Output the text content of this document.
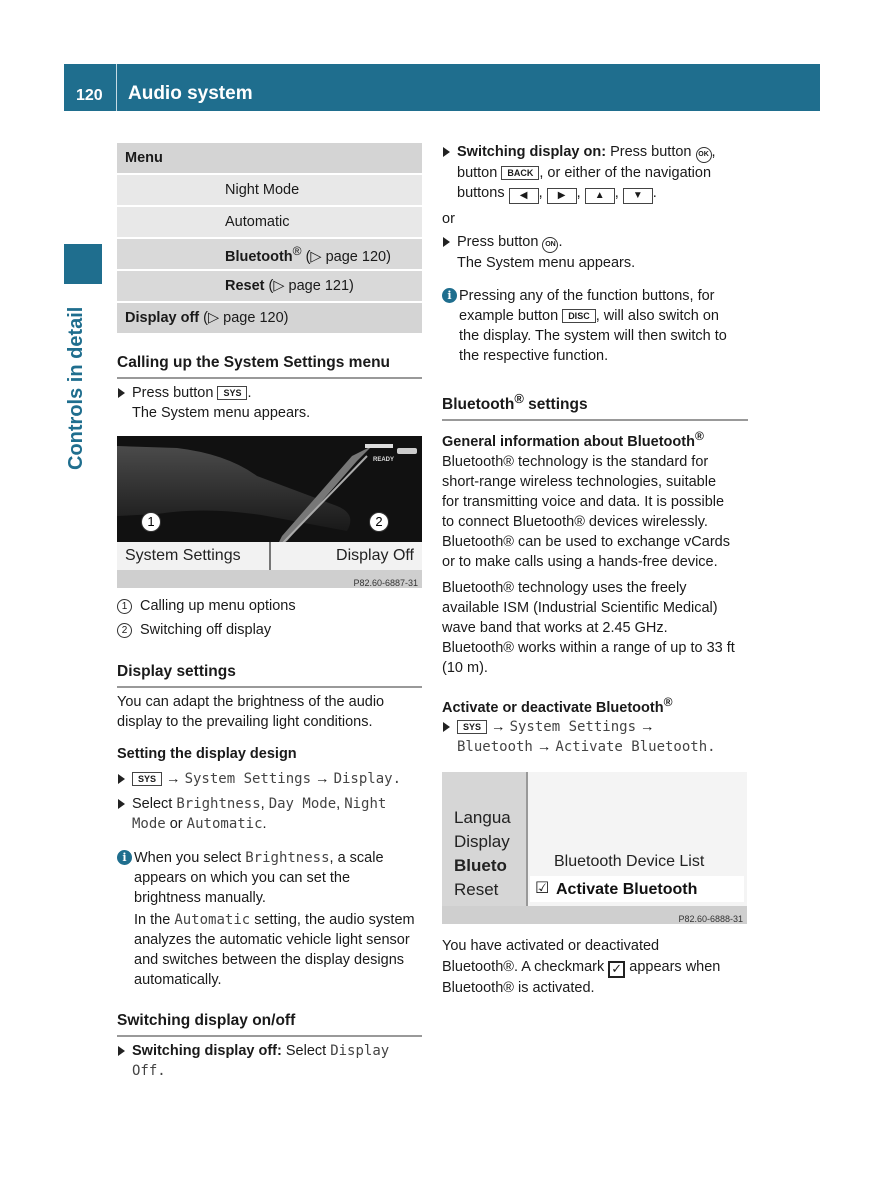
120 Audio system
Controls in detail
Menu
Night Mode
Automatic
Bluetooth® (▷ page 120)
Reset (▷ page 121)
Display off (▷ page 120)
Calling up the System Settings menu
Press button SYS .
The System menu appears.
READY
1	2
System Settings	Display Off
P82.60-6887-31
1 Calling up menu options
2 Switching off display
Display settings
You can adapt the brightness of the audio
display to the prevailing light conditions.
Setting the display design
SYS → System Settings → Display.
Select Brightness, Day Mode, Night
Mode or Automatic.
i When you select Brightness, a scale
appears on which you can set the
brightness manually.

In the Automatic setting, the audio system
analyzes the automatic vehicle light sensor
and switches between the display designs
automatically.
Switching display on/off
Switching display off: Select Display
Off.
Switching display on: Press button OK ,
button BACK , or either of the navigation
buttons ◀ , ▶ , ▲ , ▼ .
or
Press button ON .
The System menu appears.
i Pressing any of the function buttons, for
example button DISC , will also switch on
the display. The system will then switch to
the respective function.
Bluetooth® settings
General information about Bluetooth®
Bluetooth® technology is the standard for
short-range wireless technologies, suitable
for transmitting voice and data. It is possible
to connect Bluetooth® devices wirelessly.
Bluetooth® can be used to exchange vCards
or to make calls using a hands-free device.
Bluetooth® technology uses the freely
available ISM (Industrial Scientific Medical)
wave band that works at 2.45 GHz.
Bluetooth® works within a range of up to 33 ft
(10 m).
Activate or deactivate Bluetooth®
SYS → System Settings →
Bluetooth → Activate Bluetooth.
Langua
Display
Blueto
Reset
Bluetooth Device List
☑ Activate Bluetooth
P82.60-6888-31
You have activated or deactivated
Bluetooth®. A checkmark ✓ appears when
Bluetooth® is activated.
